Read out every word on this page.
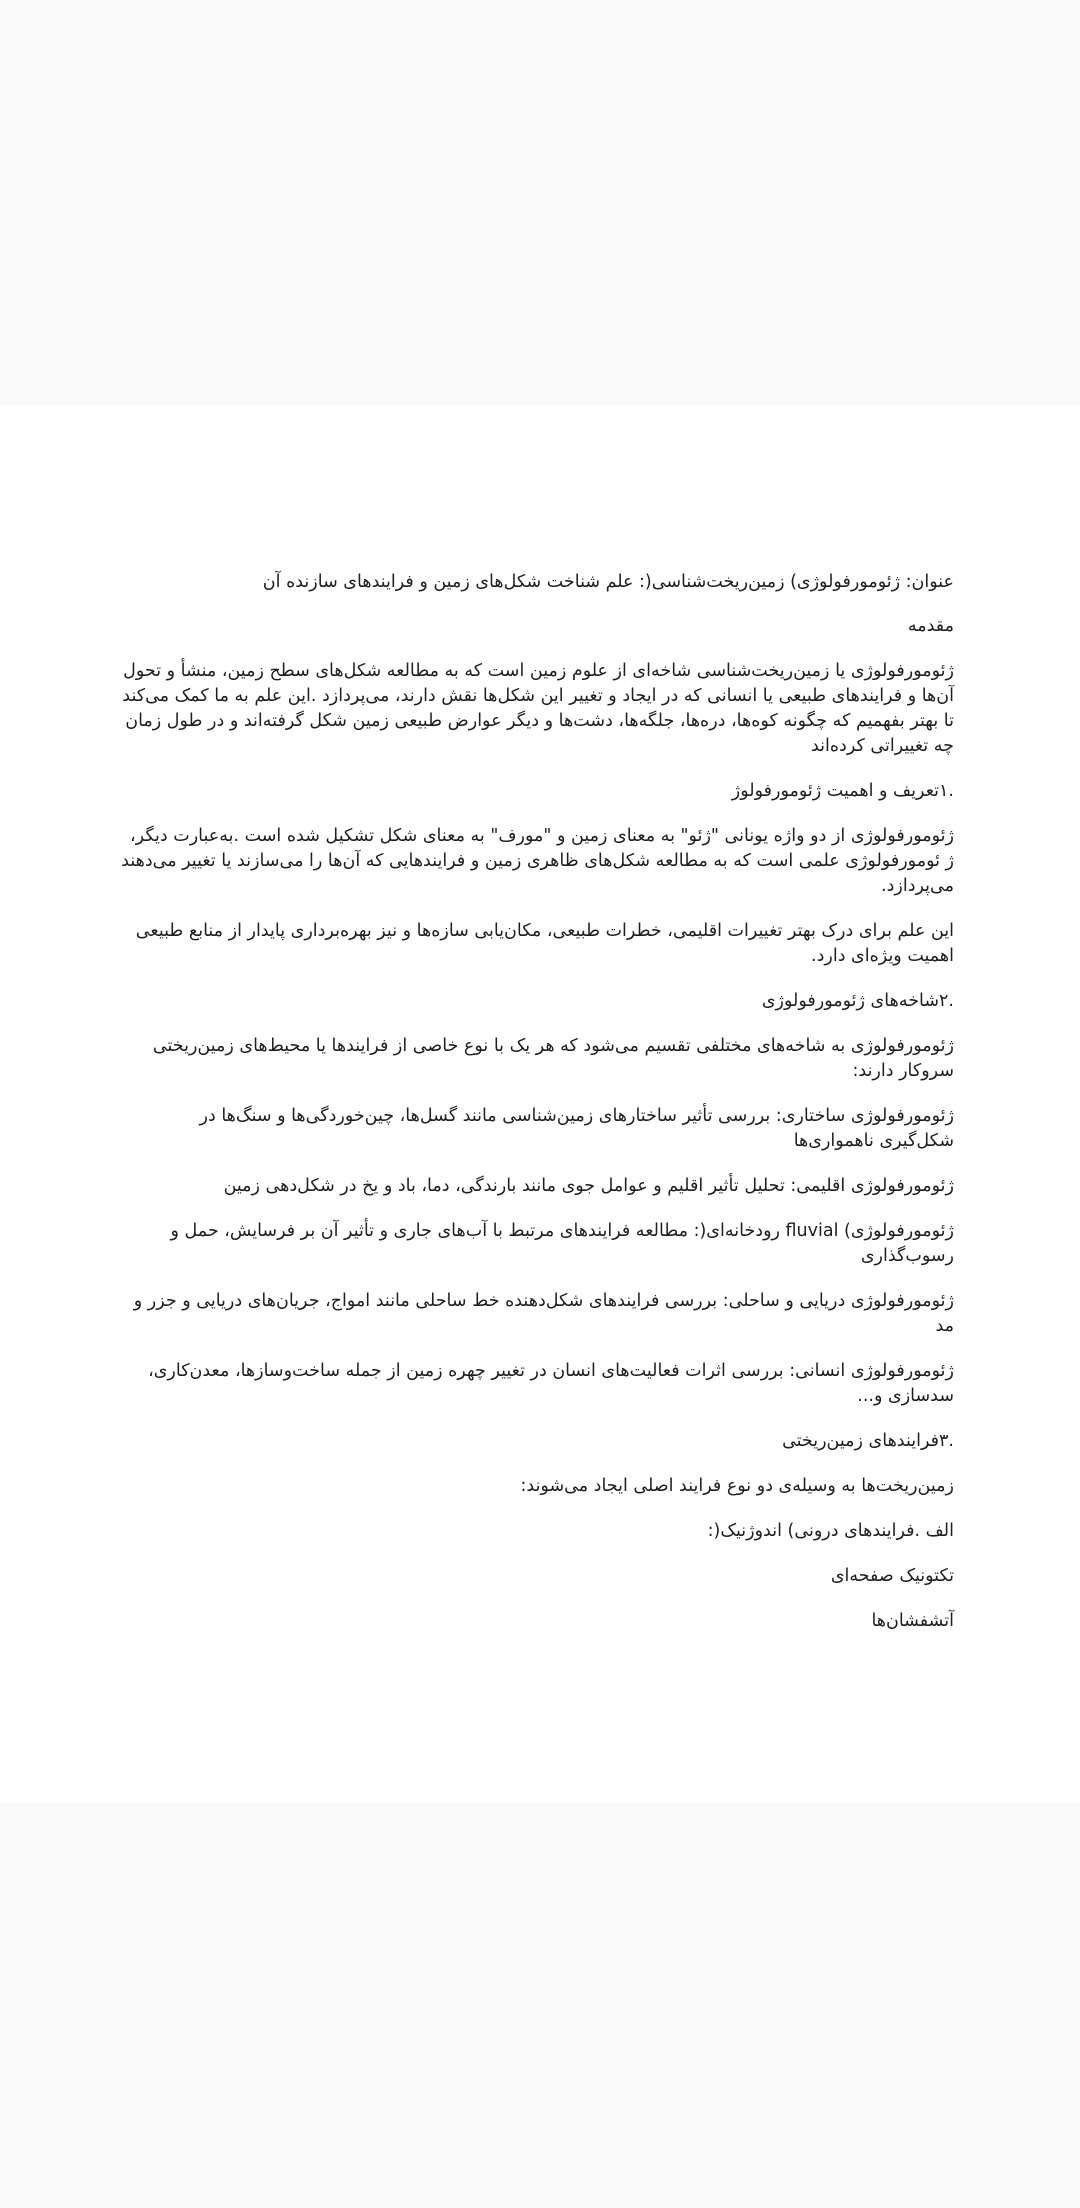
عنوان: ژئومورفولوژی) زمین‌ریخت‌شناسی(: علم شناخت شکل‌های زمین و فرایندهای سازنده آن

مقدمه

ژئومورفولوژی یا زمین‌ریخت‌شناسی شاخه‌ای از علوم زمین است که به مطالعه شکل‌های سطح زمین، منشأ و تحول آن‌ها و فرایندهای طبیعی یا انسانی که در ایجاد و تغییر این شکل‌ها نقش دارند، می‌پردازد .این علم به ما کمک می‌کند تا بهتر بفهمیم که چگونه کوه‌ها، دره‌ها، جلگه‌ها، دشت‌ها و دیگر عوارض طبیعی زمین شکل گرفته‌اند و در طول زمان چه تغییراتی کرده‌اند

.۱تعریف و اهمیت ژئومورفولوژ

ژئومورفولوژی از دو واژه یونانی "ژئو" به معنای زمین و "مورف" به معنای شکل تشکیل شده است .به‌عبارت دیگر، ژ ئومورفولوژی علمی است که به مطالعه شکل‌های ظاهری زمین و فرایندهایی که آن‌ها را می‌سازند یا تغییر می‌دهند می‌پردازد.

این علم برای درک بهتر تغییرات اقلیمی، خطرات طبیعی، مکان‌یابی سازه‌ها و نیز بهره‌برداری پایدار از منابع طبیعی اهمیت ویژه‌ای دارد.

.۲شاخه‌های ژئومورفولوژی

ژئومورفولوژی به شاخه‌های مختلفی تقسیم می‌شود که هر یک با نوع خاصی از فرایندها یا محیط‌های زمین‌ریختی سروکار دارند:

ژئومورفولوژی ساختاری: بررسی تأثیر ساختارهای زمین‌شناسی مانند گسل‌ها، چین‌خوردگی‌ها و سنگ‌ها در شکل‌گیری ناهمواری‌ها

ژئومورفولوژی اقلیمی: تحلیل تأثیر اقلیم و عوامل جوی مانند بارندگی، دما، باد و یخ در شکل‌دهی زمین

ژئومورفولوژی) fluvial رودخانه‌ای(: مطالعه فرایندهای مرتبط با آب‌های جاری و تأثیر آن بر فرسایش، حمل و رسوب‌گذاری

ژئومورفولوژی دریایی و ساحلی: بررسی فرایندهای شکل‌دهنده خط ساحلی مانند امواج، جریان‌های دریایی و جزر و مد

ژئومورفولوژی انسانی: بررسی اثرات فعالیت‌های انسان در تغییر چهره زمین از جمله ساخت‌وسازها، معدن‌کاری، سدسازی و...

.۳فرایندهای زمین‌ریختی

زمین‌ریخت‌ها به وسیله‌ی دو نوع فرایند اصلی ایجاد می‌شوند:

الف .فرایندهای درونی) اندوژنیک(:

تکتونیک صفحه‌ای

آتشفشان‌ها
